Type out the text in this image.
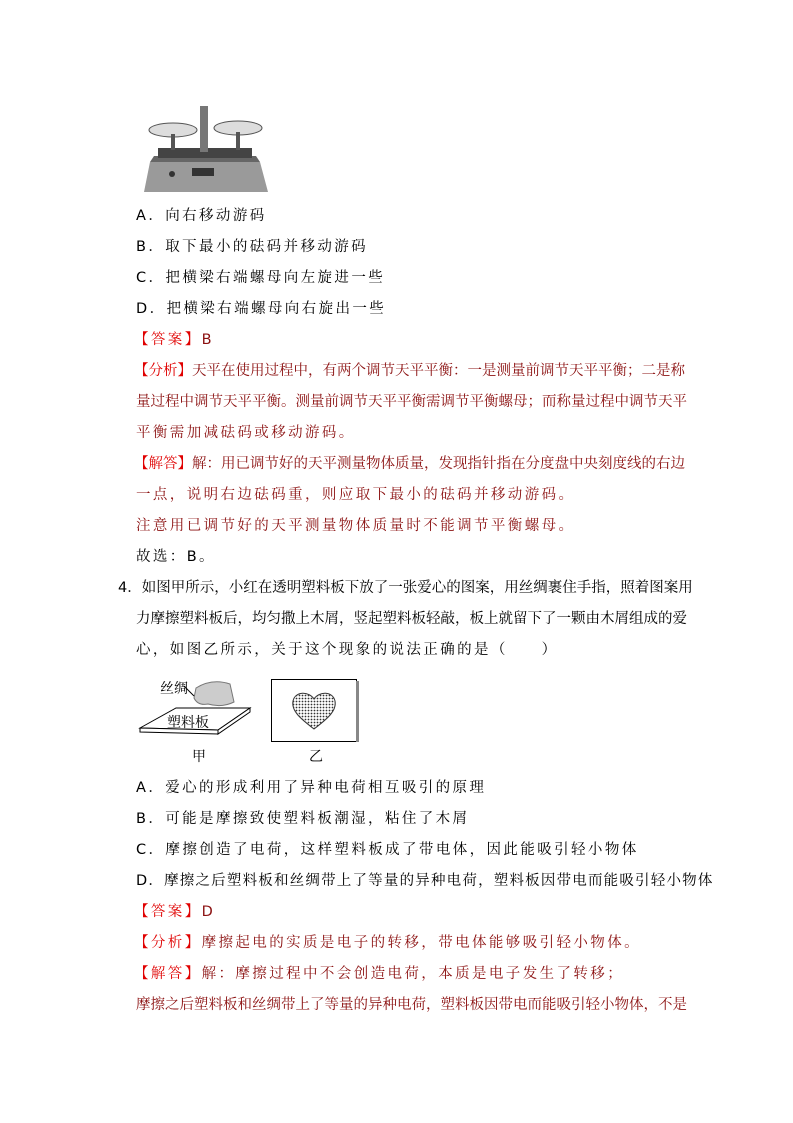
A．向右移动游码
B．取下最小的砝码并移动游码
C．把横梁右端螺母向左旋进一些
D．把横梁右端螺母向右旋出一些
【答案】B
【分析】天平在使用过程中，有两个调节天平平衡：一是测量前调节天平平衡；二是称
量过程中调节天平平衡。测量前调节天平平衡需调节平衡螺母；而称量过程中调节天平
平衡需加减砝码或移动游码。
【解答】解：用已调节好的天平测量物体质量，发现指针指在分度盘中央刻度线的右边
一点，说明右边砝码重，则应取下最小的砝码并移动游码。
注意用已调节好的天平测量物体质量时不能调节平衡螺母。
故选：B。
4．如图甲所示，小红在透明塑料板下放了一张爱心的图案，用丝绸裹住手指，照着图案用
力摩擦塑料板后，均匀撒上木屑，竖起塑料板轻敲，板上就留下了一颗由木屑组成的爱
心，如图乙所示，关于这个现象的说法正确的是（　　）
丝绸
塑料板
甲	乙
A．爱心的形成利用了异种电荷相互吸引的原理
B．可能是摩擦致使塑料板潮湿，粘住了木屑
C．摩擦创造了电荷，这样塑料板成了带电体，因此能吸引轻小物体
D．摩擦之后塑料板和丝绸带上了等量的异种电荷，塑料板因带电而能吸引轻小物体
【答案】D
【分析】摩擦起电的实质是电子的转移，带电体能够吸引轻小物体。
【解答】解：摩擦过程中不会创造电荷，本质是电子发生了转移；
摩擦之后塑料板和丝绸带上了等量的异种电荷，塑料板因带电而能吸引轻小物体，不是
